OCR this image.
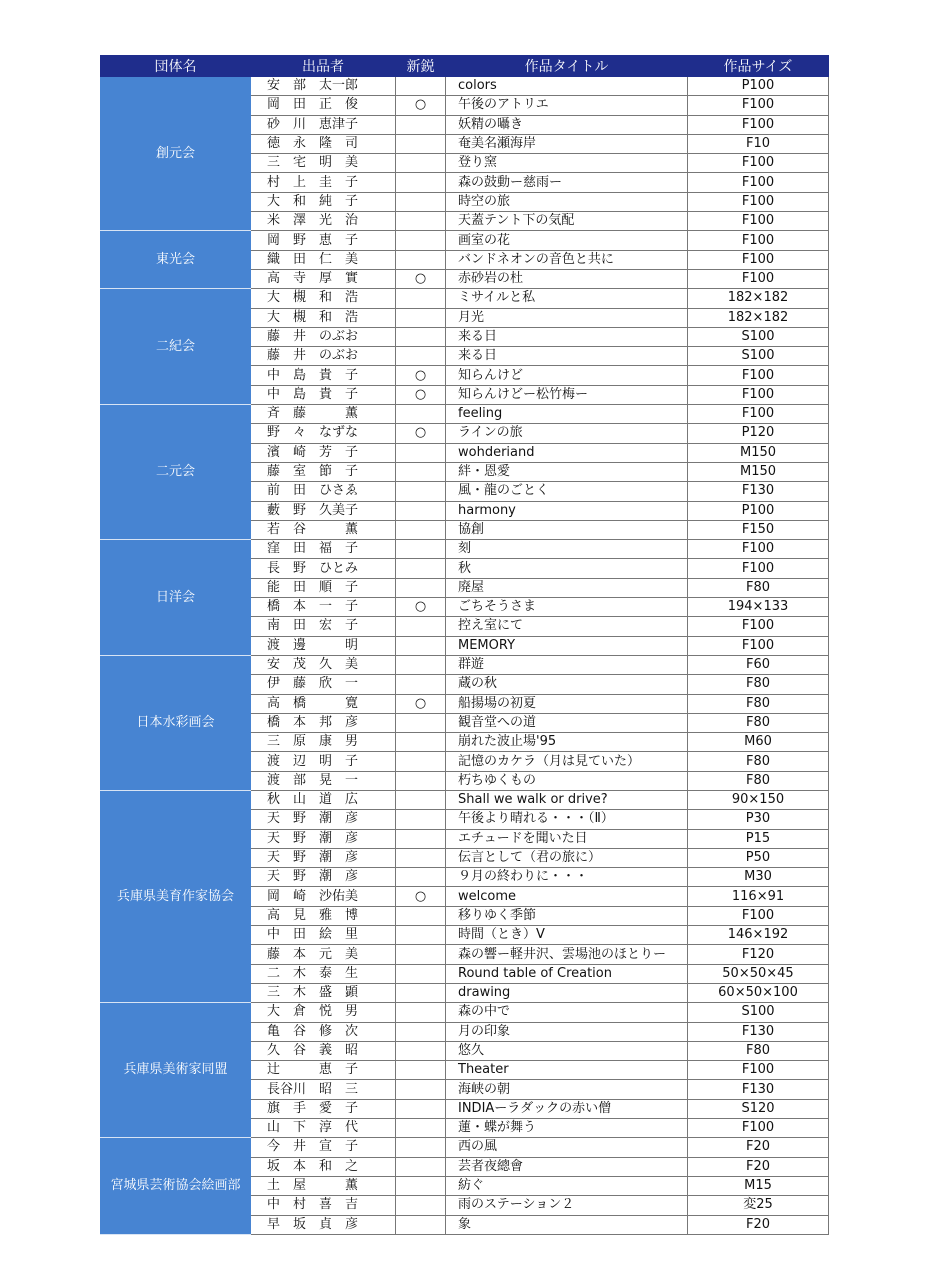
団体名	出品者	新鋭	作品タイトル	作品サイズ
創元会	安　部　太一郎		colors	P100
	岡　田　正　俊	○	午後のアトリエ	F100
	砂　川　恵津子		妖精の囁き	F100
	徳　永　隆　司		奄美名瀬海岸	F10
	三　宅　明　美		登り窯	F100
	村　上　圭　子		森の鼓動ー慈雨ー	F100
	大　和　純　子		時空の旅	F100
	米　澤　光　治		天蓋テント下の気配	F100
東光会	岡　野　恵　子		画室の花	F100
	織　田　仁　美		バンドネオンの音色と共に	F100
	高　寺　厚　實	○	赤砂岩の杜	F100
二紀会	大　槻　和　浩		ミサイルと私	182×182
	大　槻　和　浩		月光	182×182
	藤　井　のぶお		来る日	S100
	藤　井　のぶお		来る日	S100
	中　島　貴　子	○	知らんけど	F100
	中　島　貴　子	○	知らんけどー松竹梅ー	F100
二元会	斉　藤　　　薫		feeling	F100
	野　々　なずな	○	ラインの旅	P120
	濱　崎　芳　子		wohderiand	M150
	藤　室　節　子		絆・恩愛	M150
	前　田　ひさゑ		風・龍のごとく	F130
	藪　野　久美子		harmony	P100
	若　谷　　　薫		協創	F150
日洋会	窪　田　福　子		刻	F100
	長　野　ひとみ		秋	F100
	能　田　順　子		廃屋	F80
	橋　本　一　子	○	ごちそうさま	194×133
	南　田　宏　子		控え室にて	F100
	渡　邊　　　明		MEMORY	F100
日本水彩画会	安　茂　久　美		群遊	F60
	伊　藤　欣　一		蔵の秋	F80
	高　橋　　　寛	○	船揚場の初夏	F80
	橋　本　邦　彦		観音堂への道	F80
	三　原　康　男		崩れた波止場'95	M60
	渡　辺　明　子		記憶のカケラ（月は見ていた）	F80
	渡　部　晃　一		朽ちゆくもの	F80
兵庫県美育作家協会	秋　山　道　広		Shall we walk or drive?	90×150
	天　野　潮　彦		午後より晴れる・・・（Ⅱ）	P30
	天　野　潮　彦		エチュードを聞いた日	P15
	天　野　潮　彦		伝言として（君の旅に）	P50
	天　野　潮　彦		９月の終わりに・・・	M30
	岡　崎　沙佑美	○	welcome	116×91
	高　見　雅　博		移りゆく季節	F100
	中　田　絵　里		時間（とき）Ⅴ	146×192
	藤　本　元　美		森の響ー軽井沢、雲場池のほとりー	F120
	二　木　泰　生		Round table of Creation	50×50×45
	三　木　盛　顕		drawing	60×50×100
兵庫県美術家同盟	大　倉　悦　男		森の中で	S100
	亀　谷　修　次		月の印象	F130
	久　谷　義　昭		悠久	F80
	辻　　　恵　子		Theater	F100
	長谷川　昭　三		海峡の朝	F130
	旗　手　愛　子		INDIAーラダックの赤い僧	S120
	山　下　淳　代		蓮・蝶が舞う	F100
宮城県芸術協会絵画部	今　井　宣　子		西の風	F20
	坂　本　和　之		芸者夜總會	F20
	土　屋　　　薫		紡ぐ	M15
	中　村　喜　吉		雨のステーション２	変25
	早　坂　貞　彦		象	F20
